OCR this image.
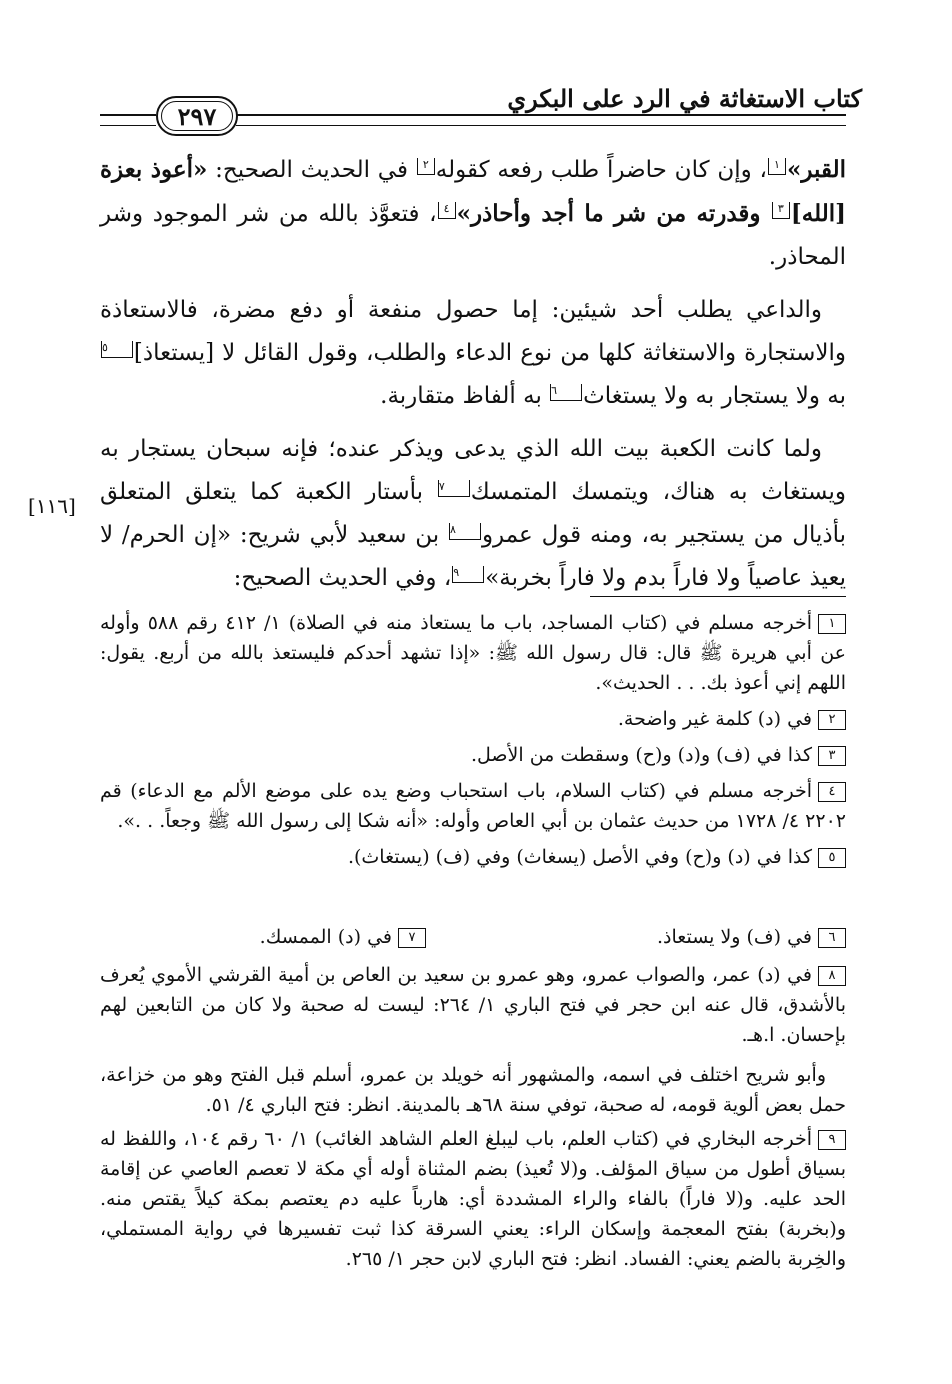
كتاب الاستغاثة في الرد على البكري
٢٩٧

القبر»١، وإن كان حاضراً طلب رفعه كقوله٢ في الحديث الصحيح: «أعوذ بعزة [الله]٣ وقدرته من شر ما أجد وأحاذر»٤، فتعوَّذ بالله من شر الموجود وشر المحاذر.

والداعي يطلب أحد شيئين: إما حصول منفعة أو دفع مضرة، فالاستعاذة والاستجارة والاستغاثة كلها من نوع الدعاء والطلب، وقول القائل لا [يستعاذ]٥ به ولا يستجار به ولا يستغاث٦ به ألفاظ متقاربة.

ولما كانت الكعبة بيت الله الذي يدعى ويذكر عنده؛ فإنه سبحان يستجار به ويستغاث به هناك، ويتمسك المتمسك٧ بأستار الكعبة كما يتعلق المتعلق بأذيال من يستجير به، ومنه قول عمرو٨ بن سعيد لأبي شريح: «إن الحرم/ لا يعيذ عاصياً ولا فاراً بدم ولا فاراً بخربة»٩، وفي الحديث الصحيح:

[١١٦]

١أخرجه مسلم في (كتاب المساجد، باب ما يستعاذ منه في الصلاة) ١/ ٤١٢ رقم ٥٨٨ وأوله عن أبي هريرة ﷺ قال: قال رسول الله ﷺ: «إذا تشهد أحدكم فليستعذ بالله من أربع. يقول: اللهم إني أعوذ بك. . . الحديث».

٢في (د) كلمة غير واضحة.

٣كذا في (ف) و(د) و(ح) وسقطت من الأصل.

٤أخرجه مسلم في (كتاب السلام، باب استحباب وضع يده على موضع الألم مع الدعاء) قم ٢٢٠٢ ٤/ ١٧٢٨ من حديث عثمان بن أبي العاص وأوله: «أنه شكا إلى رسول الله ﷺ وجعاً. . .».

٥كذا في (د) و(ح) وفي الأصل (يسغاث) وفي (ف) (يستغاث).

٦في (ف) ولا يستعاذ.
٧في (د) الممسك.

٨في (د) عمر، والصواب عمرو، وهو عمرو بن سعيد بن العاص بن أمية القرشي الأموي يُعرف بالأشدق، قال عنه ابن حجر في فتح الباري ١/ ٢٦٤: ليست له صحبة ولا كان من التابعين لهم بإحسان. ا.هـ.

وأبو شريح اختلف في اسمه، والمشهور أنه خويلد بن عمرو، أسلم قبل الفتح وهو من خزاعة، حمل بعض ألوية قومه، له صحبة، توفي سنة ٦٨هـ بالمدينة. انظر: فتح الباري ٤/ ٥١.

٩أخرجه البخاري في (كتاب العلم، باب ليبلغ العلم الشاهد الغائب) ١/ ٦٠ رقم ١٠٤، واللفظ له بسياق أطول من سياق المؤلف. و(لا تُعيذ) بضم المثناة أوله أي مكة لا تعصم العاصي عن إقامة الحد عليه. و(لا فاراً) بالفاء والراء المشددة أي: هارباً عليه دم يعتصم بمكة كيلاً يقتص منه. و(بخربة) بفتح المعجمة وإسكان الراء: يعني السرقة كذا ثبت تفسيرها في رواية المستملي، والخِربة بالضم يعني: الفساد. انظر: فتح الباري لابن حجر ١/ ٢٦٥.
